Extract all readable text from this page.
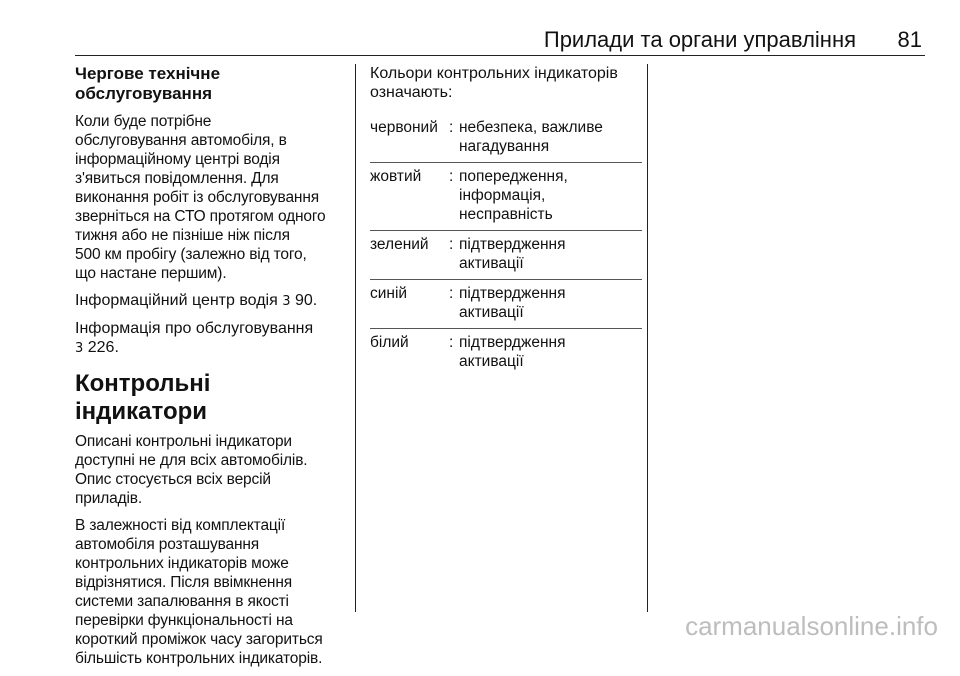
Прилади та органи управління 81
Чергове технічне
обслуговування
Коли буде потрібне
обслуговування автомобіля, в
інформаційному центрі водія
з'явиться повідомлення. Для
виконання робіт із обслуговування
зверніться на СТО протягом одного
тижня або не пізніше ніж після
500 км пробігу (залежно від того,
що настане першим).
Інформаційний центр водія 3 90.
Інформація про обслуговування
3 226.
Контрольні індикатори
Описані контрольні індикатори
доступні не для всіх автомобілів.
Опис стосується всіх версій
приладів.
В залежності від комплектації
автомобіля розташування
контрольних індикаторів може
відрізнятися. Після ввімкнення
системи запалювання в якості
перевірки функціональності на
короткий проміжок часу загориться
більшість контрольних індикаторів.
Кольори контрольних індикаторів
означають:
червоний : небезпека, важливе
нагадування
жовтий	: попередження,
інформація,
несправність
зелений	: підтвердження
активації
синій	: підтвердження
активації
білий	: підтвердження
активації
carmanualsonline.info
